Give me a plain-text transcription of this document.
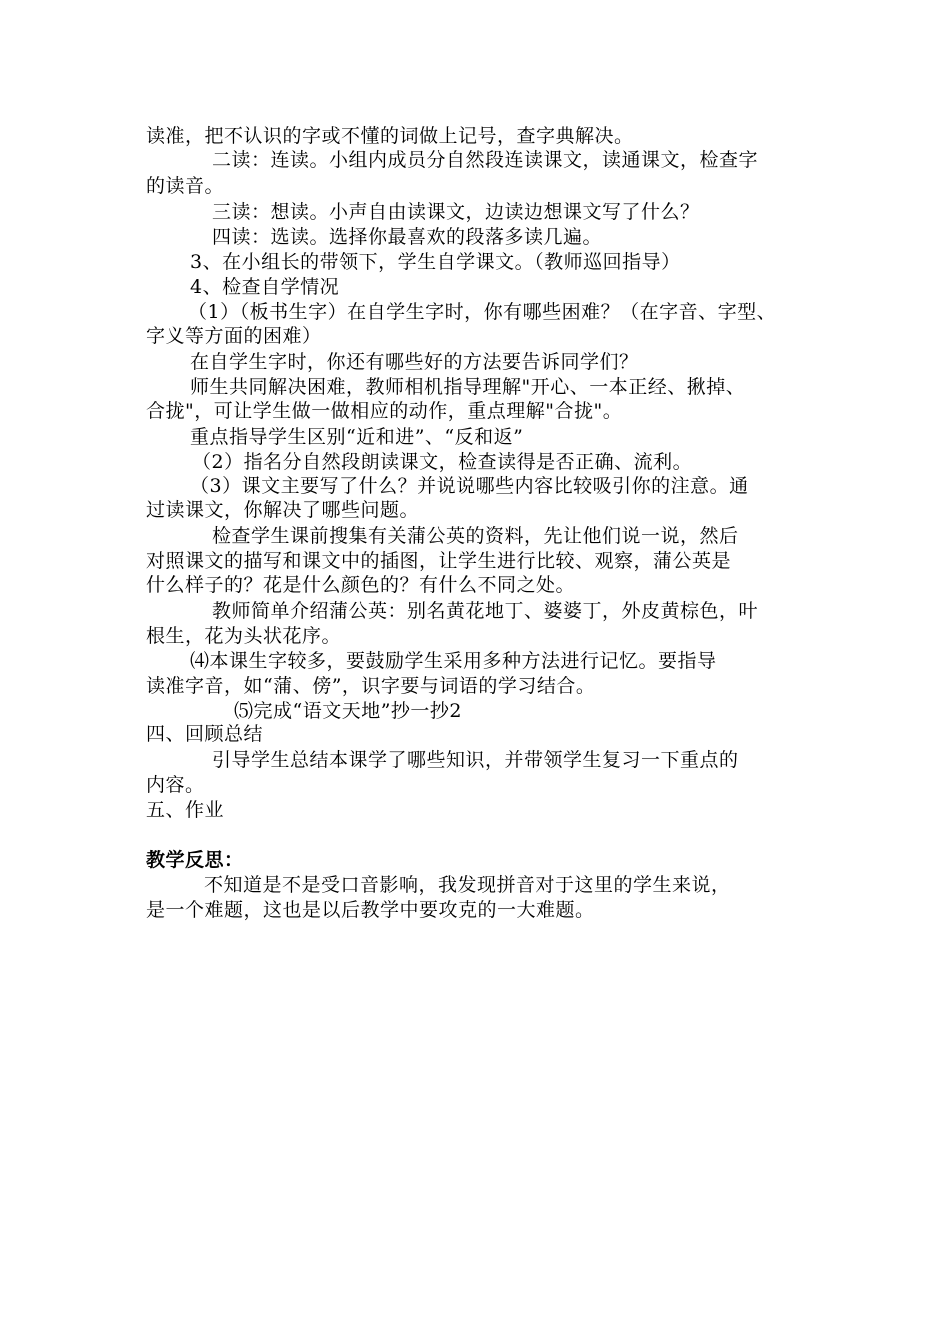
读准，把不认识的字或不懂的词做上记号，查字典解决。
二读：连读。小组内成员分自然段连读课文，读通课文，检查字
的读音。
三读：想读。小声自由读课文，边读边想课文写了什么？
四读：选读。选择你最喜欢的段落多读几遍。
3、在小组长的带领下，学生自学课文。（教师巡回指导）
4、检查自学情况
（1）（板书生字）在自学生字时，你有哪些困难？（在字音、字型、
字义等方面的困难）
在自学生字时，你还有哪些好的方法要告诉同学们？
师生共同解决困难，教师相机指导理解"开心、一本正经、揪掉、
合拢"，可让学生做一做相应的动作，重点理解"合拢"。
重点指导学生区别“近和进”、“反和返”
（2）指名分自然段朗读课文，检查读得是否正确、流利。
（3）课文主要写了什么？并说说哪些内容比较吸引你的注意。通
过读课文，你解决了哪些问题。
检查学生课前搜集有关蒲公英的资料，先让他们说一说，然后
对照课文的描写和课文中的插图，让学生进行比较、观察，蒲公英是
什么样子的？花是什么颜色的？有什么不同之处。
教师简单介绍蒲公英：别名黄花地丁、婆婆丁，外皮黄棕色，叶
根生，花为头状花序。
⑷本课生字较多，要鼓励学生采用多种方法进行记忆。要指导
读准字音，如“蒲、傍”，识字要与词语的学习结合。
⑸完成“语文天地”抄一抄2
四、回顾总结
引导学生总结本课学了哪些知识，并带领学生复习一下重点的
内容。
五、作业
教学反思：
不知道是不是受口音影响，我发现拼音对于这里的学生来说，
是一个难题，这也是以后教学中要攻克的一大难题。
